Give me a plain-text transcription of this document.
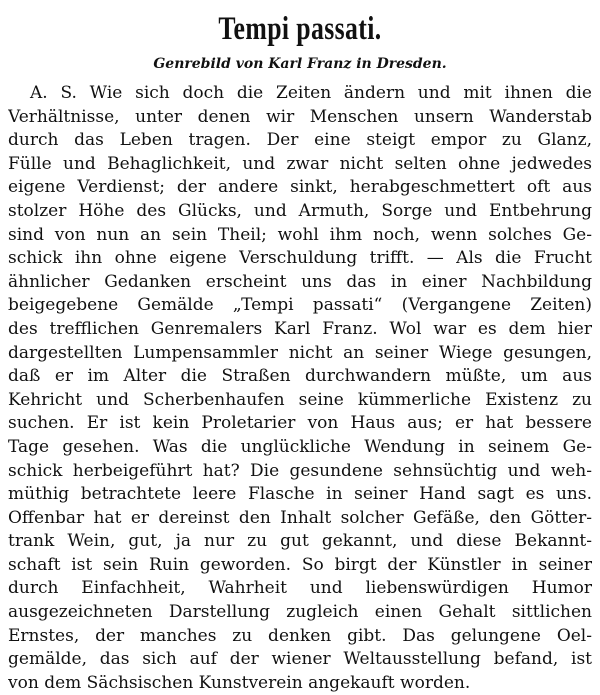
Tempi passati.
Genrebild von Karl Franz in Dresden.
A. S. Wie sich doch die Zeiten ändern und mit ihnen die
Verhältnisse, unter denen wir Menschen unsern Wanderstab
durch das Leben tragen. Der eine steigt empor zu Glanz,
Fülle und Behaglichkeit, und zwar nicht selten ohne jedwedes
eigene Verdienst; der andere sinkt, herabgeschmettert oft aus
stolzer Höhe des Glücks, und Armuth, Sorge und Entbehrung
sind von nun an sein Theil; wohl ihm noch, wenn solches Ge-
schick ihn ohne eigene Verschuldung trifft. — Als die Frucht
ähnlicher Gedanken erscheint uns das in einer Nachbildung
beigegebene Gemälde „Tempi passati“ (Vergangene Zeiten)
des trefflichen Genremalers Karl Franz. Wol war es dem hier
dargestellten Lumpensammler nicht an seiner Wiege gesungen,
daß er im Alter die Straßen durchwandern müßte, um aus
Kehricht und Scherbenhaufen seine kümmerliche Existenz zu
suchen. Er ist kein Proletarier von Haus aus; er hat bessere
Tage gesehen. Was die unglückliche Wendung in seinem Ge-
schick herbeigeführt hat? Die gesundene sehnsüchtig und weh-
müthig betrachtete leere Flasche in seiner Hand sagt es uns.
Offenbar hat er dereinst den Inhalt solcher Gefäße, den Götter-
trank Wein, gut, ja nur zu gut gekannt, und diese Bekannt-
schaft ist sein Ruin geworden. So birgt der Künstler in seiner
durch Einfachheit, Wahrheit und liebenswürdigen Humor
ausgezeichneten Darstellung zugleich einen Gehalt sittlichen
Ernstes, der manches zu denken gibt. Das gelungene Oel-
gemälde, das sich auf der wiener Weltausstellung befand, ist
von dem Sächsischen Kunstverein angekauft worden.
